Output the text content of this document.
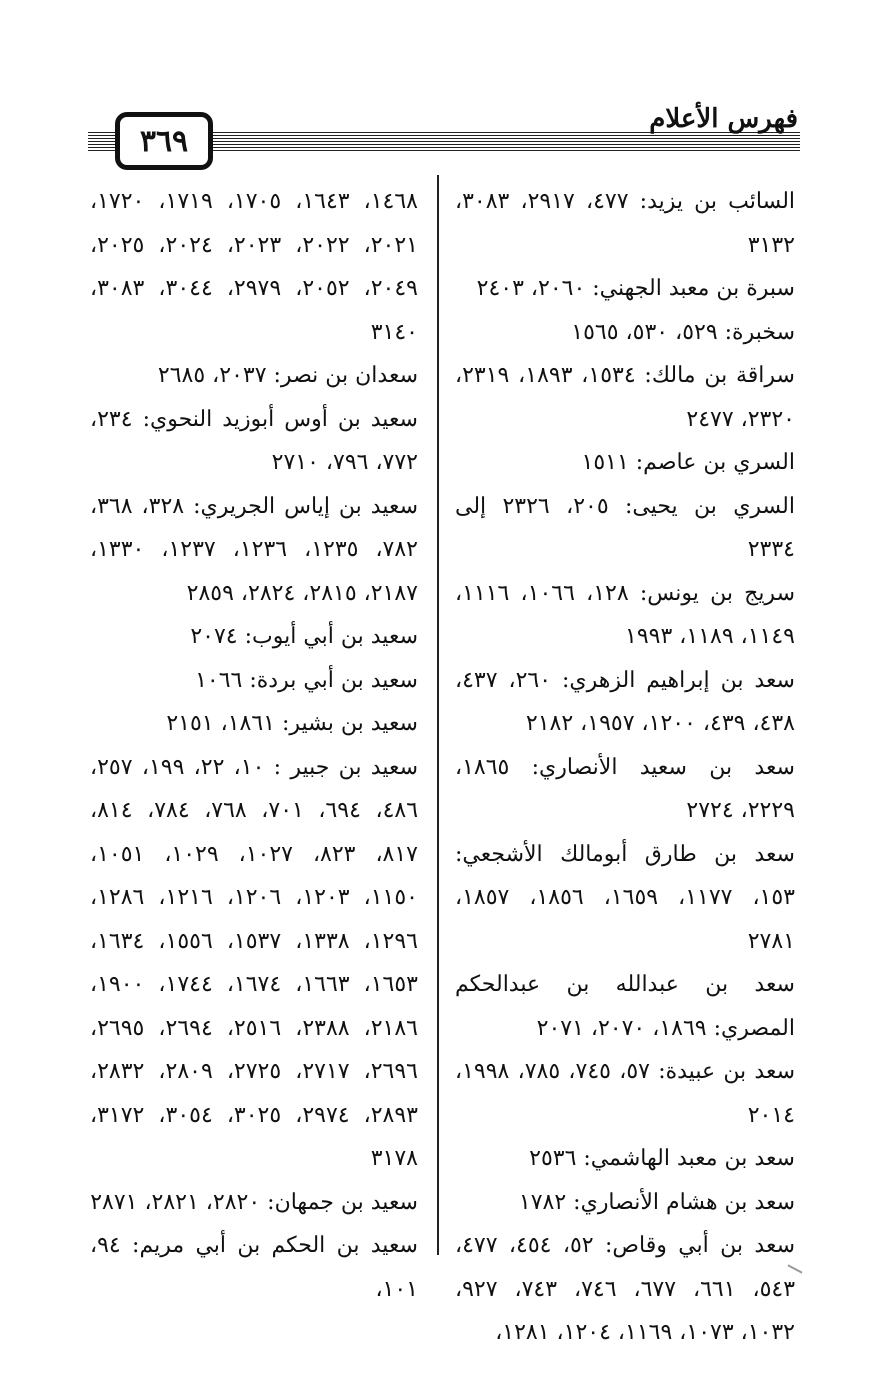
٣٦٩
فهرس الأعلام

السائب بن يزيد: ٤٧٧، ٢٩١٧، ٣٠٨٣، ٣١٣٢

سبرة بن معبد الجهني: ٢٠٦٠، ٢٤٠٣

سخبرة: ٥٢٩، ٥٣٠، ١٥٦٥

سراقة بن مالك: ١٥٣٤، ١٨٩٣، ٢٣١٩، ٢٣٢٠، ٢٤٧٧

السري بن عاصم: ١٥١١

السري بن يحيى: ٢٠٥، ٢٣٢٦ إلى ٢٣٣٤

سريج بن يونس: ١٢٨، ١٠٦٦، ١١١٦، ١١٤٩، ١١٨٩، ١٩٩٣

سعد بن إبراهيم الزهري: ٢٦٠، ٤٣٧، ٤٣٨، ٤٣٩، ١٢٠٠، ١٩٥٧، ٢١٨٢

سعد بن سعيد الأنصاري: ١٨٦٥، ٢٢٢٩، ٢٧٢٤

سعد بن طارق أبومالك الأشجعي: ١٥٣، ١١٧٧، ١٦٥٩، ١٨٥٦، ١٨٥٧، ٢٧٨١

سعد بن عبدالله بن عبدالحكم المصري: ١٨٦٩، ٢٠٧٠، ٢٠٧١

سعد بن عبيدة: ٥٧، ٧٤٥، ٧٨٥، ١٩٩٨، ٢٠١٤

سعد بن معبد الهاشمي: ٢٥٣٦

سعد بن هشام الأنصاري: ١٧٨٢

سعد بن أبي وقاص: ٥٢، ٤٥٤، ٤٧٧، ٥٤٣، ٦٦١، ٦٧٧، ٧٤٦، ٧٤٣، ٩٢٧، ١٠٣٢، ١٠٧٣، ١١٦٩، ١٢٠٤، ١٢٨١،

١٤٦٨، ١٦٤٣، ١٧٠٥، ١٧١٩، ١٧٢٠، ٢٠٢١، ٢٠٢٢، ٢٠٢٣، ٢٠٢٤، ٢٠٢٥، ٢٠٤٩، ٢٠٥٢، ٢٩٧٩، ٣٠٤٤، ٣٠٨٣، ٣١٤٠

سعدان بن نصر: ٢٠٣٧، ٢٦٨٥

سعيد بن أوس أبوزيد النحوي: ٢٣٤، ٧٧٢، ٧٩٦، ٢٧١٠

سعيد بن إياس الجريري: ٣٢٨، ٣٦٨، ٧٨٢، ١٢٣٥، ١٢٣٦، ١٢٣٧، ١٣٣٠، ٢١٨٧، ٢٨١٥، ٢٨٢٤، ٢٨٥٩

سعيد بن أبي أيوب: ٢٠٧٤

سعيد بن أبي بردة: ١٠٦٦

سعيد بن بشير: ١٨٦١، ٢١٥١

سعيد بن جبير : ١٠، ٢٢، ١٩٩، ٢٥٧، ٤٨٦، ٦٩٤، ٧٠١، ٧٦٨، ٧٨٤، ٨١٤، ٨١٧، ٨٢٣، ١٠٢٧، ١٠٢٩، ١٠٥١، ١١٥٠، ١٢٠٣، ١٢٠٦، ١٢١٦، ١٢٨٦، ١٢٩٦، ١٣٣٨، ١٥٣٧، ١٥٥٦، ١٦٣٤، ١٦٥٣، ١٦٦٣، ١٦٧٤، ١٧٤٤، ١٩٠٠، ٢١٨٦، ٢٣٨٨، ٢٥١٦، ٢٦٩٤، ٢٦٩٥، ٢٦٩٦، ٢٧١٧، ٢٧٢٥، ٢٨٠٩، ٢٨٣٢، ٢٨٩٣، ٢٩٧٤، ٣٠٢٥، ٣٠٥٤، ٣١٧٢، ٣١٧٨

سعيد بن جمهان: ٢٨٢٠، ٢٨٢١، ٢٨٧١

سعيد بن الحكم بن أبي مريم: ٩٤، ١٠١،
